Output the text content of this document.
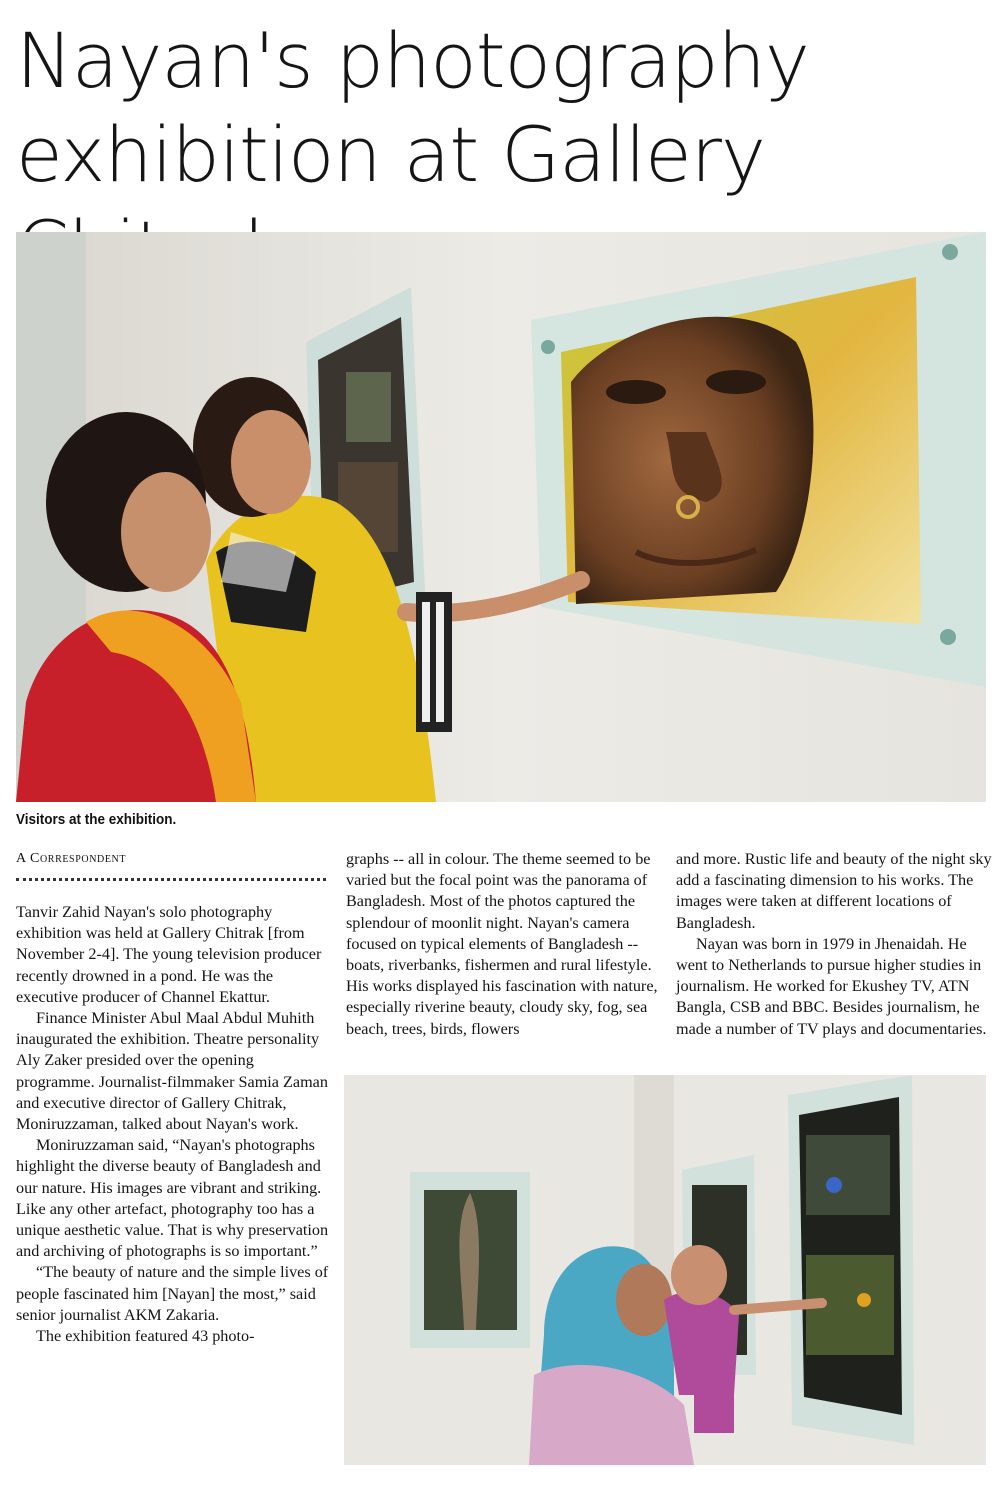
Nayan's photography exhibition at Gallery

Visitors at the exhibition.

A Correspondent

Tanvir Zahid Nayan's solo photography exhibition was held at Gallery Chitrak [from November 2-4]. The young television producer recently drowned in a pond. He was the executive producer of Channel Ekattur.

Finance Minister Abul Maal Abdul Muhith inaugurated the exhibition. Theatre personality Aly Zaker presided over the opening programme. Journalist-filmmaker Samia Zaman and executive director of Gallery Chitrak, Moniruzzaman, talked about Nayan's work.

Moniruzzaman said, “Nayan's photographs highlight the diverse beauty of Bangladesh and our nature. His images are vibrant and striking. Like any other artefact, photography too has a unique aesthetic value. That is why preservation and archiving of photographs is so important.”

“The beauty of nature and the simple lives of people fascinated him [Nayan] the most,” said senior journalist AKM Zakaria.

The exhibition featured 43 photo-

graphs -- all in colour. The theme seemed to be varied but the focal point was the panorama of Bangladesh. Most of the photos captured the splendour of moonlit night. Nayan's camera focused on typical elements of Bangladesh -- boats, riverbanks, fishermen and rural lifestyle. His works displayed his fascination with nature, especially riverine beauty, cloudy sky, fog, sea beach, trees, birds, flowers

and more. Rustic life and beauty of the night sky add a fascinating dimension to his works. The images were taken at different locations of Bangladesh.

Nayan was born in 1979 in Jhenaidah. He went to Netherlands to pursue higher studies in journalism. He worked for Ekushey TV, ATN Bangla, CSB and BBC. Besides journalism, he made a number of TV plays and documentaries.
